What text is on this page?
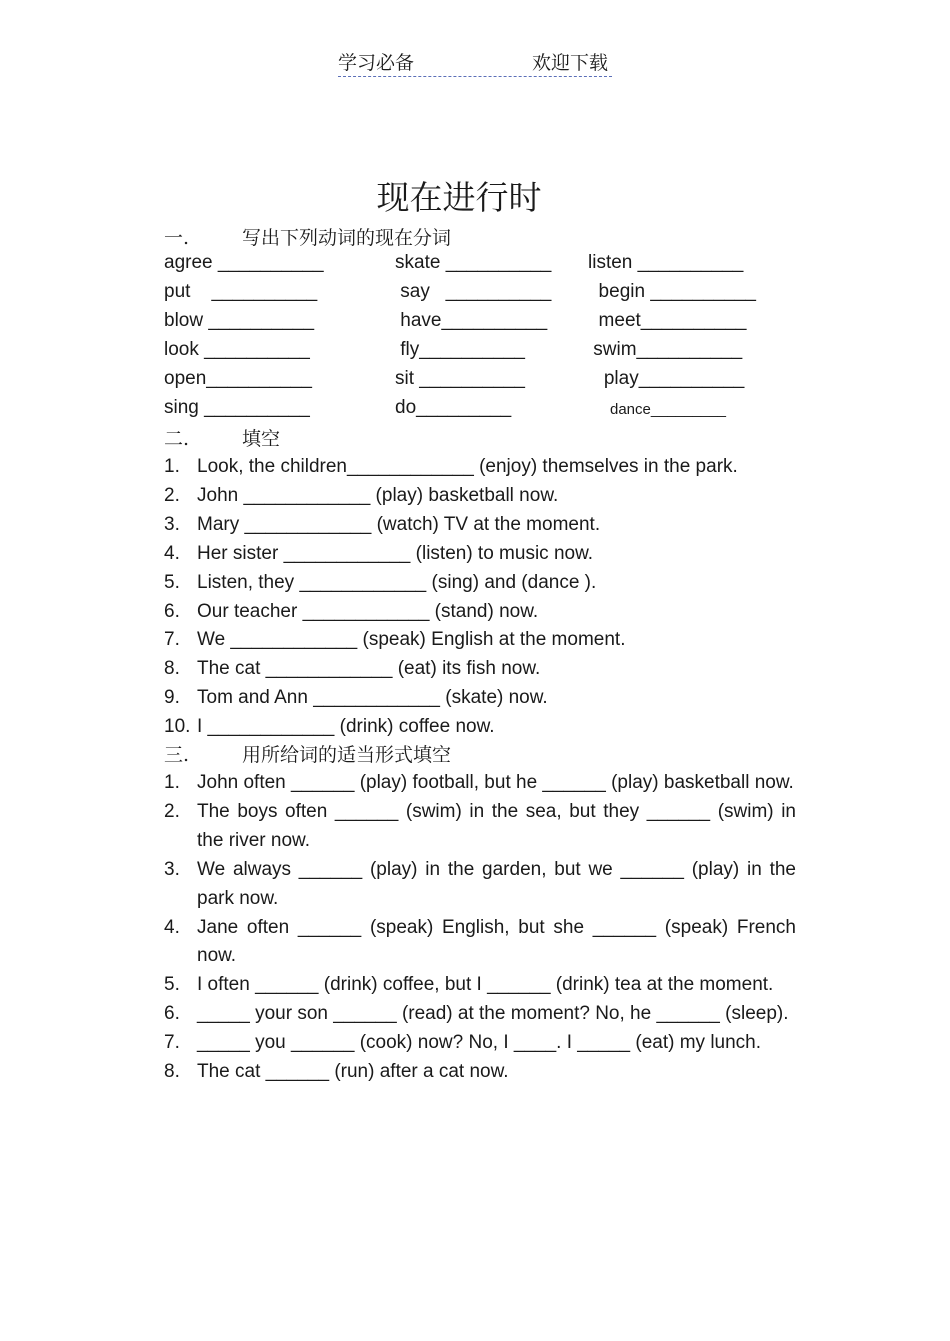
学习必备	欢迎下载
现在进行时
一.	写出下列动词的现在分词
agree __________	skate __________ listen __________
put    __________	say   __________ begin __________
blow __________	have__________ meet__________
look __________	fly__________	swim__________
open__________	sit __________	play__________
sing __________	do_________	dance_________
二.	填空
1. Look, the children____________ (enjoy) themselves in the park.
2. John ____________ (play) basketball now.
3. Mary ____________ (watch) TV at the moment.
4. Her sister ____________ (listen) to music now.
5. Listen, they ____________ (sing) and (dance ).
6. Our teacher ____________ (stand) now.
7. We ____________ (speak) English at the moment.
8. The cat ____________ (eat) its fish now.
9. Tom and Ann ____________ (skate) now.
10. I ____________ (drink) coffee now.
三.	用所给词的适当形式填空
1. John often ______ (play) football, but he ______ (play) basketball now.
2. The boys often ______ (swim) in the sea, but they ______ (swim) in the river now.
3. We always ______ (play) in the garden, but we ______ (play) in the park now.
4. Jane often ______ (speak) English, but she ______ (speak) French now.
5. I often ______ (drink) coffee, but I ______ (drink) tea at the moment.
6. _____ your son ______ (read) at the moment? No, he ______ (sleep).
7. _____ you ______ (cook) now? No, I ____. I _____ (eat) my lunch.
8. The cat ______ (run) after a cat now.
